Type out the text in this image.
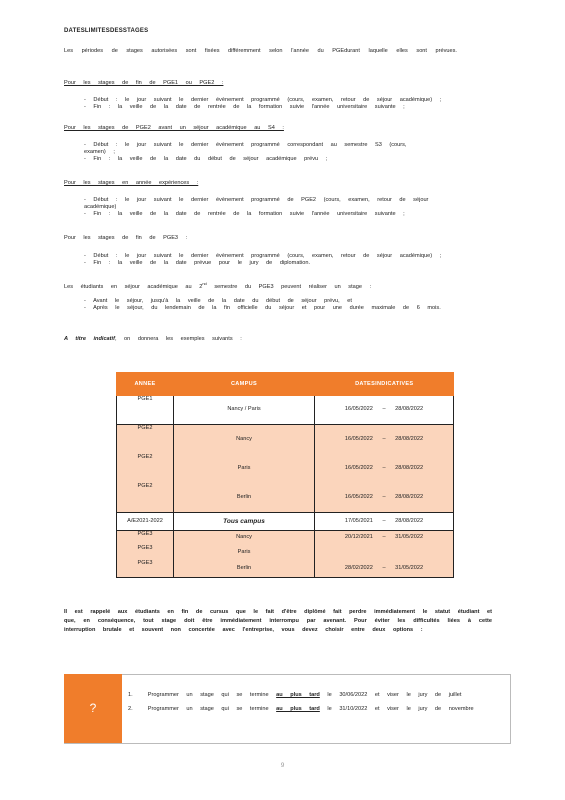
DATESLIMITESDESSTAGES
Les périodes de stages autorisées sont fixées différemment selon l'année du PGEdurant laquelle elles sont prévues.
Pour les stages de fin de PGE1 ou PGE2 :
- Début : le jour suivant le dernier évènement programmé (cours, examen, retour de séjour académique) ;
- Fin : la veille de la date de rentrée de la formation suivie l'année universitaire suivante ;
Pour les stages de PGE2 avant un séjour académique au S4 :
- Début : le jour suivant le dernier évènement programmé correspondant au semestre S3 (cours,
examen) ;
- Fin : la veille de la date du début de séjour académique prévu ;
Pour les stages en année expériences :
- Début : le jour suivant le dernier évènement programmé de PGE2 (cours, examen, retour de séjour
académique)
- Fin : la veille de la date de rentrée de la formation suivie l'année universitaire suivante ;
Pour les stages de fin de PGE3 :
- Début : le jour suivant le dernier évènement programmé (cours, examen, retour de séjour académique) ;
- Fin : la veille de la date prévue pour le jury de diplomation.
Les étudiants en séjour académique au 2nd semestre du PGE3 peuvent réaliser un stage :
- Avant le séjour, jusqu'à la veille de la date du début de séjour prévu, et
- Après le séjour, du lendemain de la fin officielle du séjour et pour une durée maximale de 6 mois.
A titre indicatif, on donnera les exemples suivants :
ANNEE	CAMPUS	DATESINDICATIVES
PGE1	Nancy / Paris	16/05/2022 – 28/08/2022
PGE2	Nancy	16/05/2022 – 28/08/2022
PGE2	Paris	16/05/2022 – 28/08/2022
PGE2	Berlin	16/05/2022 – 28/08/2022
A/E2021-2022	Tous campus	17/05/2021 – 28/08/2022
PGE3	Nancy	20/12/2021 – 31/05/2022
PGE3	Paris	
PGE3	Berlin	28/02/2022 – 31/05/2022
Il est rappelé aux étudiants en fin de cursus que le fait d'être diplômé fait perdre immédiatement le statut étudiant et que, en conséquence, tout stage doit être immédiatement interrompu par avenant. Pour éviter les difficultés liées à cette interruption brutale et souvent non concertée avec l'entreprise, vous devez choisir entre deux options :
?
1.	Programmer un stage qui se termine au plus tard le 30/06/2022 et viser le jury de juillet
2.	Programmer un stage qui se termine au plus tard le 31/10/2022 et viser le jury de novembre
9
